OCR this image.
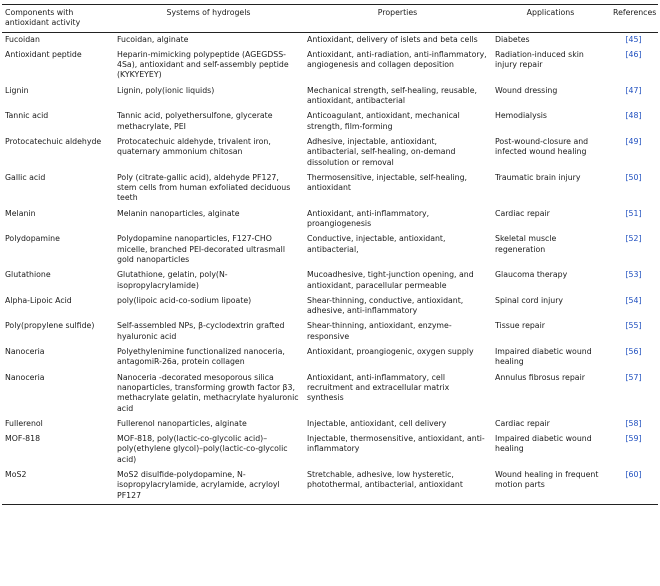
Components with antioxidant activity	Systems of hydrogels	Properties	Applications	References
Fucoidan	Fucoidan, alginate	Antioxidant, delivery of islets and beta cells	Diabetes	[45]
Antioxidant peptide	Heparin-mimicking polypeptide (AGEGDSS-4Sa), antioxidant and self-assembly peptide (KYKYEYEY)	Antioxidant, anti-radiation, anti-inflammatory, angiogenesis and collagen deposition	Radiation-induced skin injury repair	[46]
Lignin	Lignin, poly(ionic liquids)	Mechanical strength, self-healing, reusable, antioxidant, antibacterial	Wound dressing	[47]
Tannic acid	Tannic acid, polyethersulfone, glycerate methacrylate, PEI	Anticoagulant, antioxidant, mechanical strength, film-forming	Hemodialysis	[48]
Protocatechuic aldehyde	Protocatechuic aldehyde, trivalent iron, quaternary ammonium chitosan	Adhesive, injectable, antioxidant, antibacterial, self-healing, on-demand dissolution or removal	Post-wound-closure and infected wound healing	[49]
Gallic acid	Poly (citrate-gallic acid), aldehyde PF127, stem cells from human exfoliated deciduous teeth	Thermosensitive, injectable, self-healing, antioxidant	Traumatic brain injury	[50]
Melanin	Melanin nanoparticles, alginate	Antioxidant, anti-inflammatory, proangiogenesis	Cardiac repair	[51]
Polydopamine	Polydopamine nanoparticles, F127-CHO micelle, branched PEI-decorated ultrasmall gold nanoparticles	Conductive, injectable, antioxidant, antibacterial,	Skeletal muscle regeneration	[52]
Glutathione	Glutathione, gelatin, poly(N-isopropylacrylamide)	Mucoadhesive, tight-junction opening, and antioxidant, paracellular permeable	Glaucoma therapy	[53]
Alpha-Lipoic Acid	poly(lipoic acid-co-sodium lipoate)	Shear-thinning, conductive, antioxidant, adhesive, anti-inflammatory	Spinal cord injury	[54]
Poly(propylene sulfide)	Self-assembled NPs, β-cyclodextrin grafted hyaluronic acid	Shear-thinning, antioxidant, enzyme-responsive	Tissue repair	[55]
Nanoceria	Polyethylenimine functionalized nanoceria, antagomiR-26a, protein collagen	Antioxidant, proangiogenic, oxygen supply	Impaired diabetic wound healing	[56]
Nanoceria	Nanoceria -decorated mesoporous silica nanoparticles, transforming growth factor β3, methacrylate gelatin, methacrylate hyaluronic acid	Antioxidant, anti-inflammatory, cell recruitment and extracellular matrix synthesis	Annulus fibrosus repair	[57]
Fullerenol	Fullerenol nanoparticles, alginate	Injectable, antioxidant, cell delivery	Cardiac repair	[58]
MOF-818	MOF-818, poly(lactic-co-glycolic acid)–poly(ethylene glycol)–poly(lactic-co-glycolic acid)	Injectable, thermosensitive, antioxidant, anti-inflammatory	Impaired diabetic wound healing	[59]
MoS2	MoS2 disulfide-polydopamine, N-isopropylacrylamide, acrylamide, acryloyl PF127	Stretchable, adhesive, low hysteretic, photothermal, antibacterial, antioxidant	Wound healing in frequent motion parts	[60]
